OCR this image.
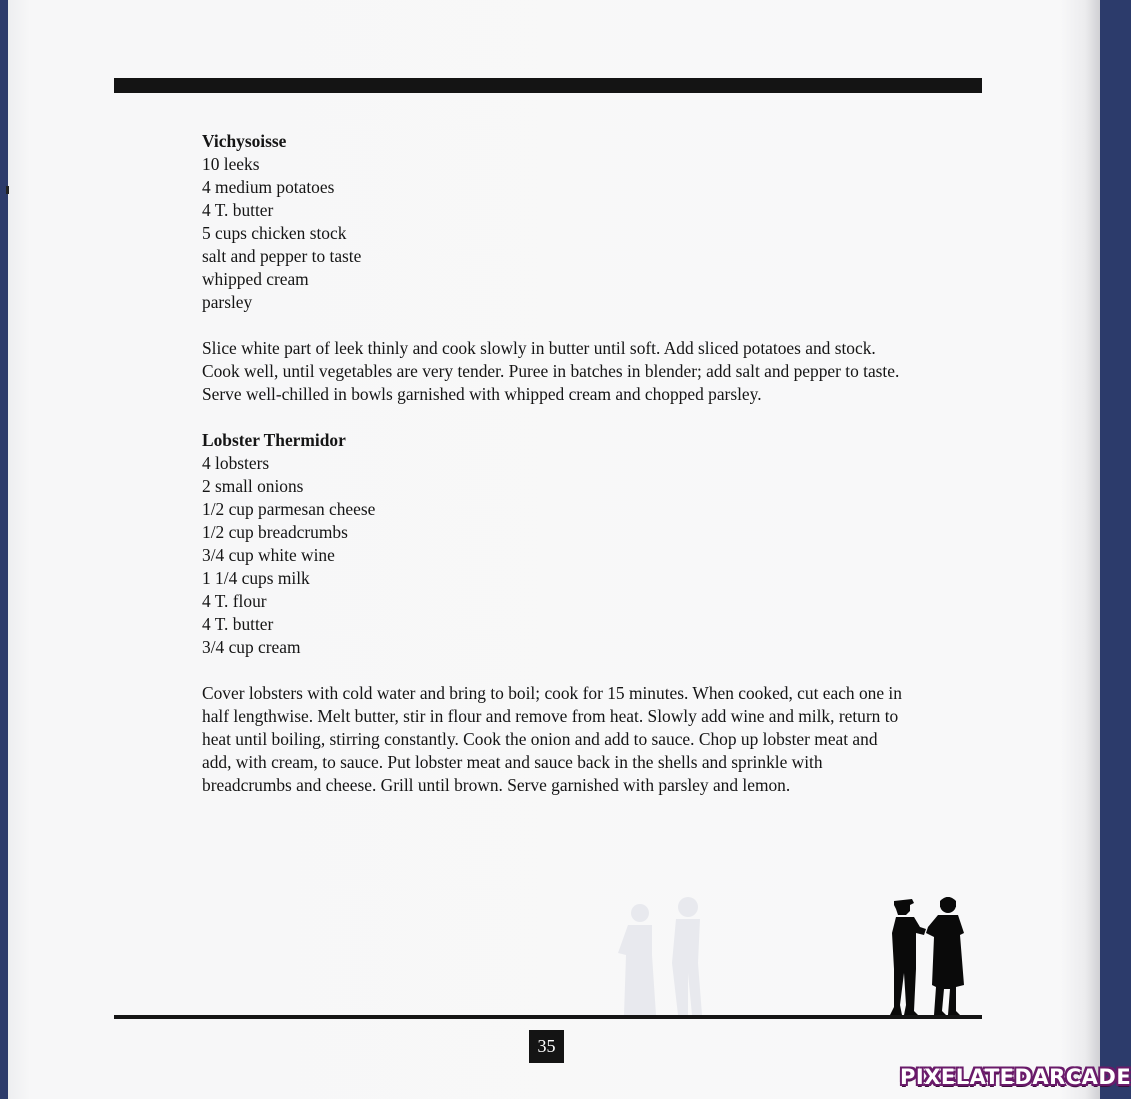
Vichysoisse

10 leeks
4 medium potatoes
4 T. butter
5 cups chicken stock
salt and pepper to taste
whipped cream
parsley

Slice white part of leek thinly and cook slowly in butter until soft. Add sliced potatoes and stock. Cook well, until vegetables are very tender. Puree in batches in blender; add salt and pepper to taste. Serve well-chilled in bowls garnished with whipped cream and chopped parsley.

Lobster Thermidor

4 lobsters
2 small onions
1/2 cup parmesan cheese
1/2 cup breadcrumbs
3/4 cup white wine
1 1/4 cups milk
4 T. flour
4 T. butter
3/4 cup cream

Cover lobsters with cold water and bring to boil; cook for 15 minutes. When cooked, cut each one in half lengthwise. Melt butter, stir in flour and remove from heat. Slowly add wine and milk, return to heat until boiling, stirring constantly. Cook the onion and add to sauce. Chop up lobster meat and add, with cream, to sauce. Put lobster meat and sauce back in the shells and sprinkle with breadcrumbs and cheese. Grill until brown. Serve garnished with parsley and lemon.

35
PIXELATEDARCADE
